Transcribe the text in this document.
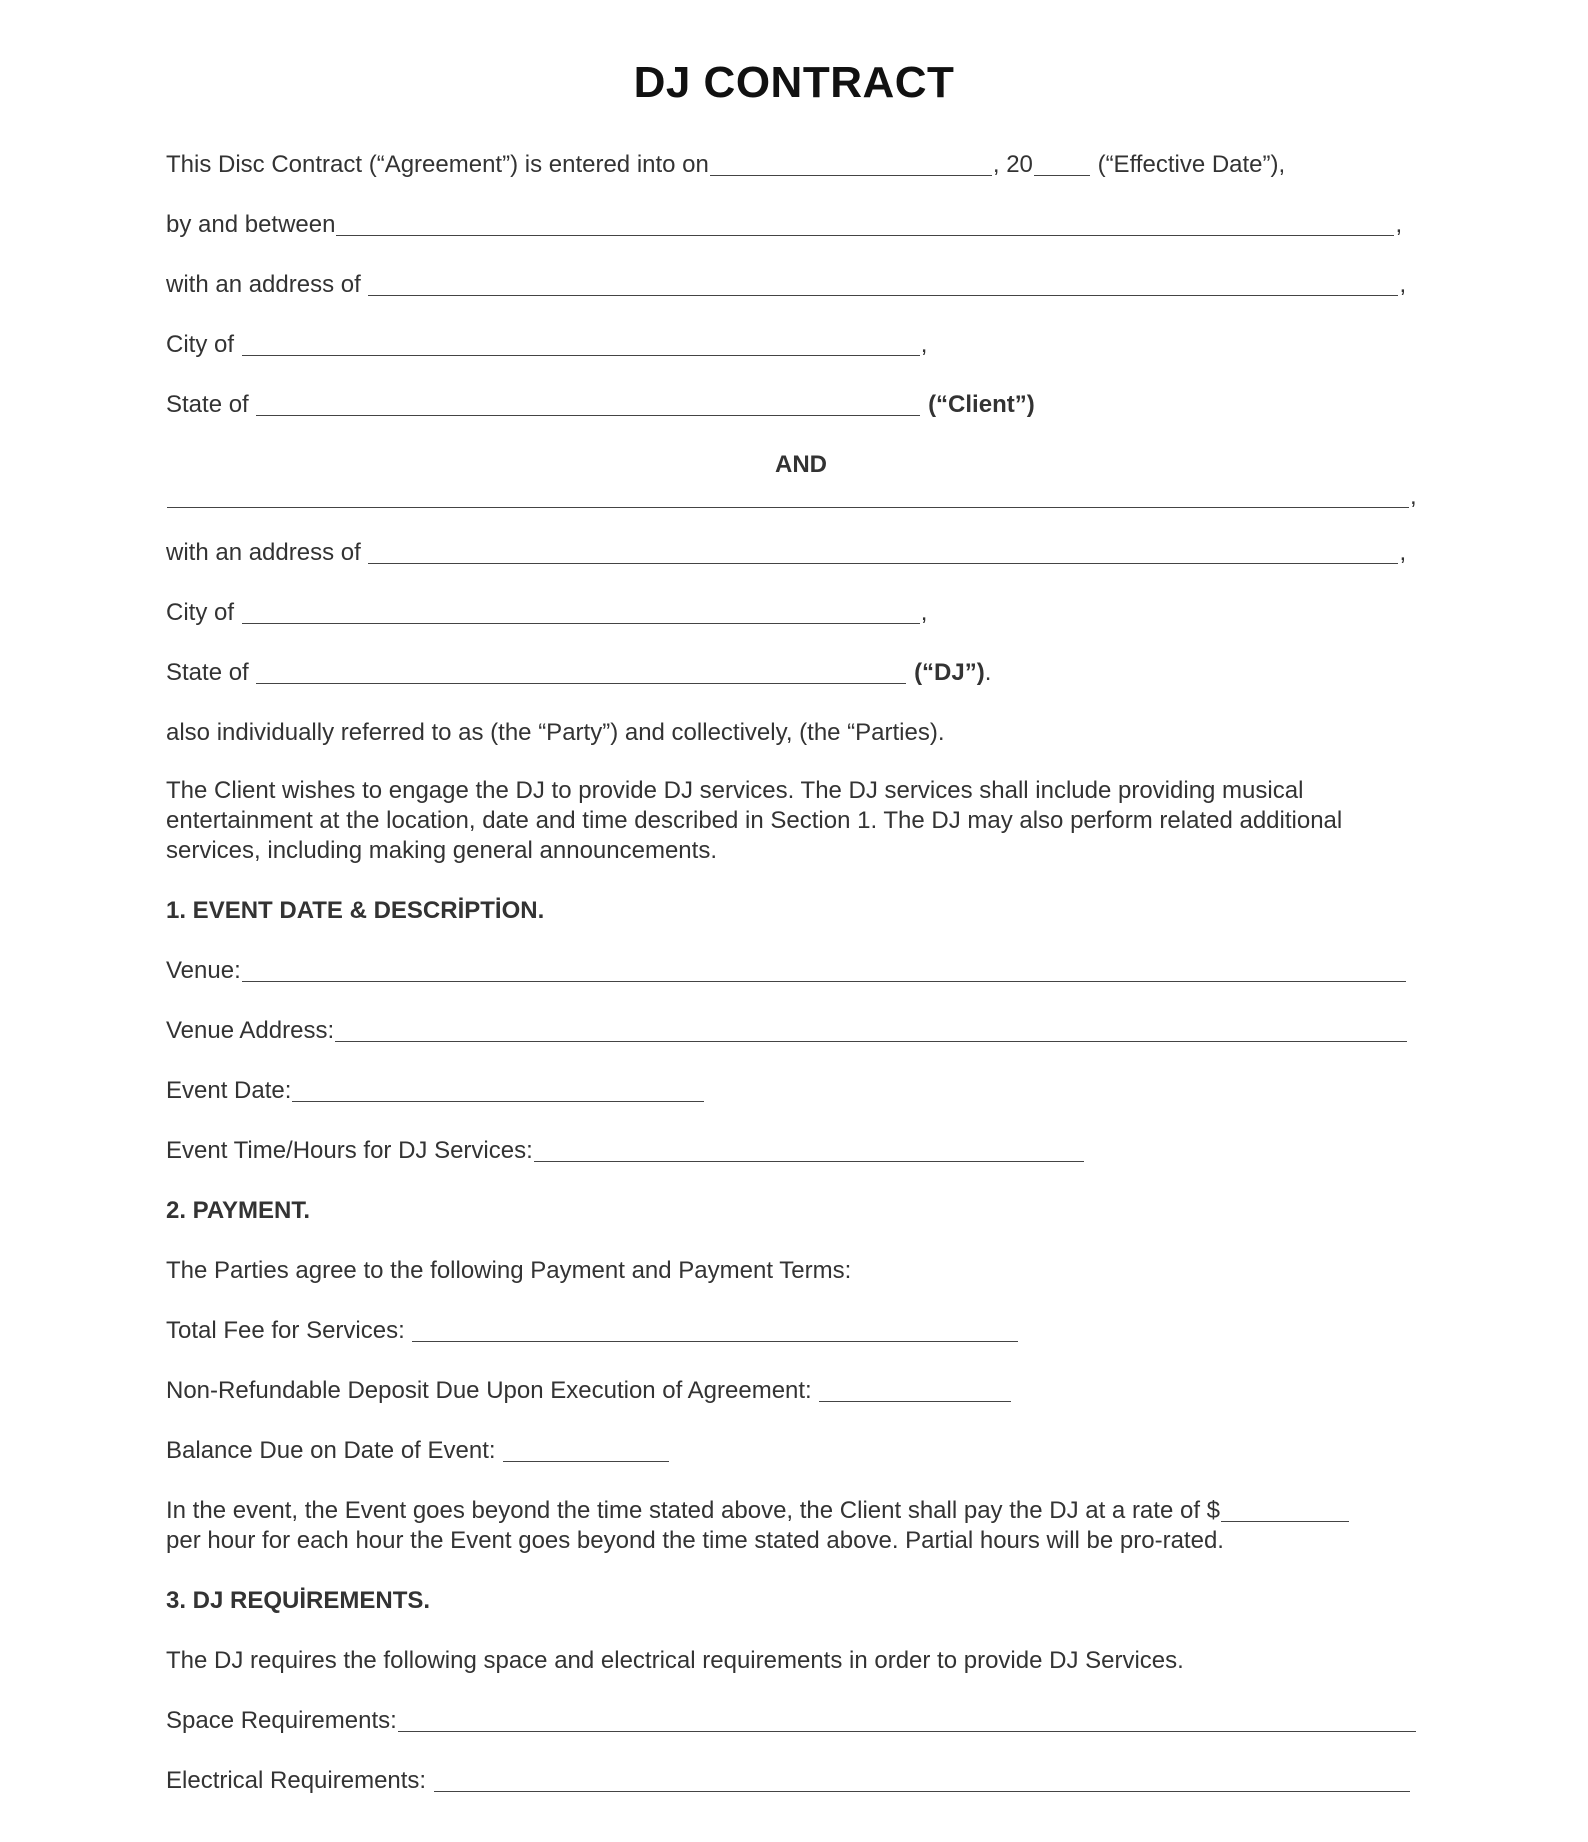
DJ CONTRACT
This Disc Contract (“Agreement”) is entered into on	, 20 (“Effective Date”),
by and between	,
with an address of	,
City of	,
State of	(“Client”)
AND
,
with an address of	,
City of	,
State of	(“DJ”).
also individually referred to as (the “Party”) and collectively, (the “Parties).
The Client wishes to engage the DJ to provide DJ services. The DJ services shall include providing musical entertainment at the location, date and time described in Section 1. The DJ may also perform related additional services, including making general announcements.
1. EVENT DATE & DESCRİPTİON.
Venue:
Venue Address:
Event Date:
Event Time/Hours for DJ Services:
2. PAYMENT.
The Parties agree to the following Payment and Payment Terms:
Total Fee for Services:
Non-Refundable Deposit Due Upon Execution of Agreement:
Balance Due on Date of Event:
In the event, the Event goes beyond the time stated above, the Client shall pay the DJ at a rate of $
per hour for each hour the Event goes beyond the time stated above. Partial hours will be pro-rated.
3. DJ REQUİREMENTS.
The DJ requires the following space and electrical requirements in order to provide DJ Services.
Space Requirements:
Electrical Requirements:
